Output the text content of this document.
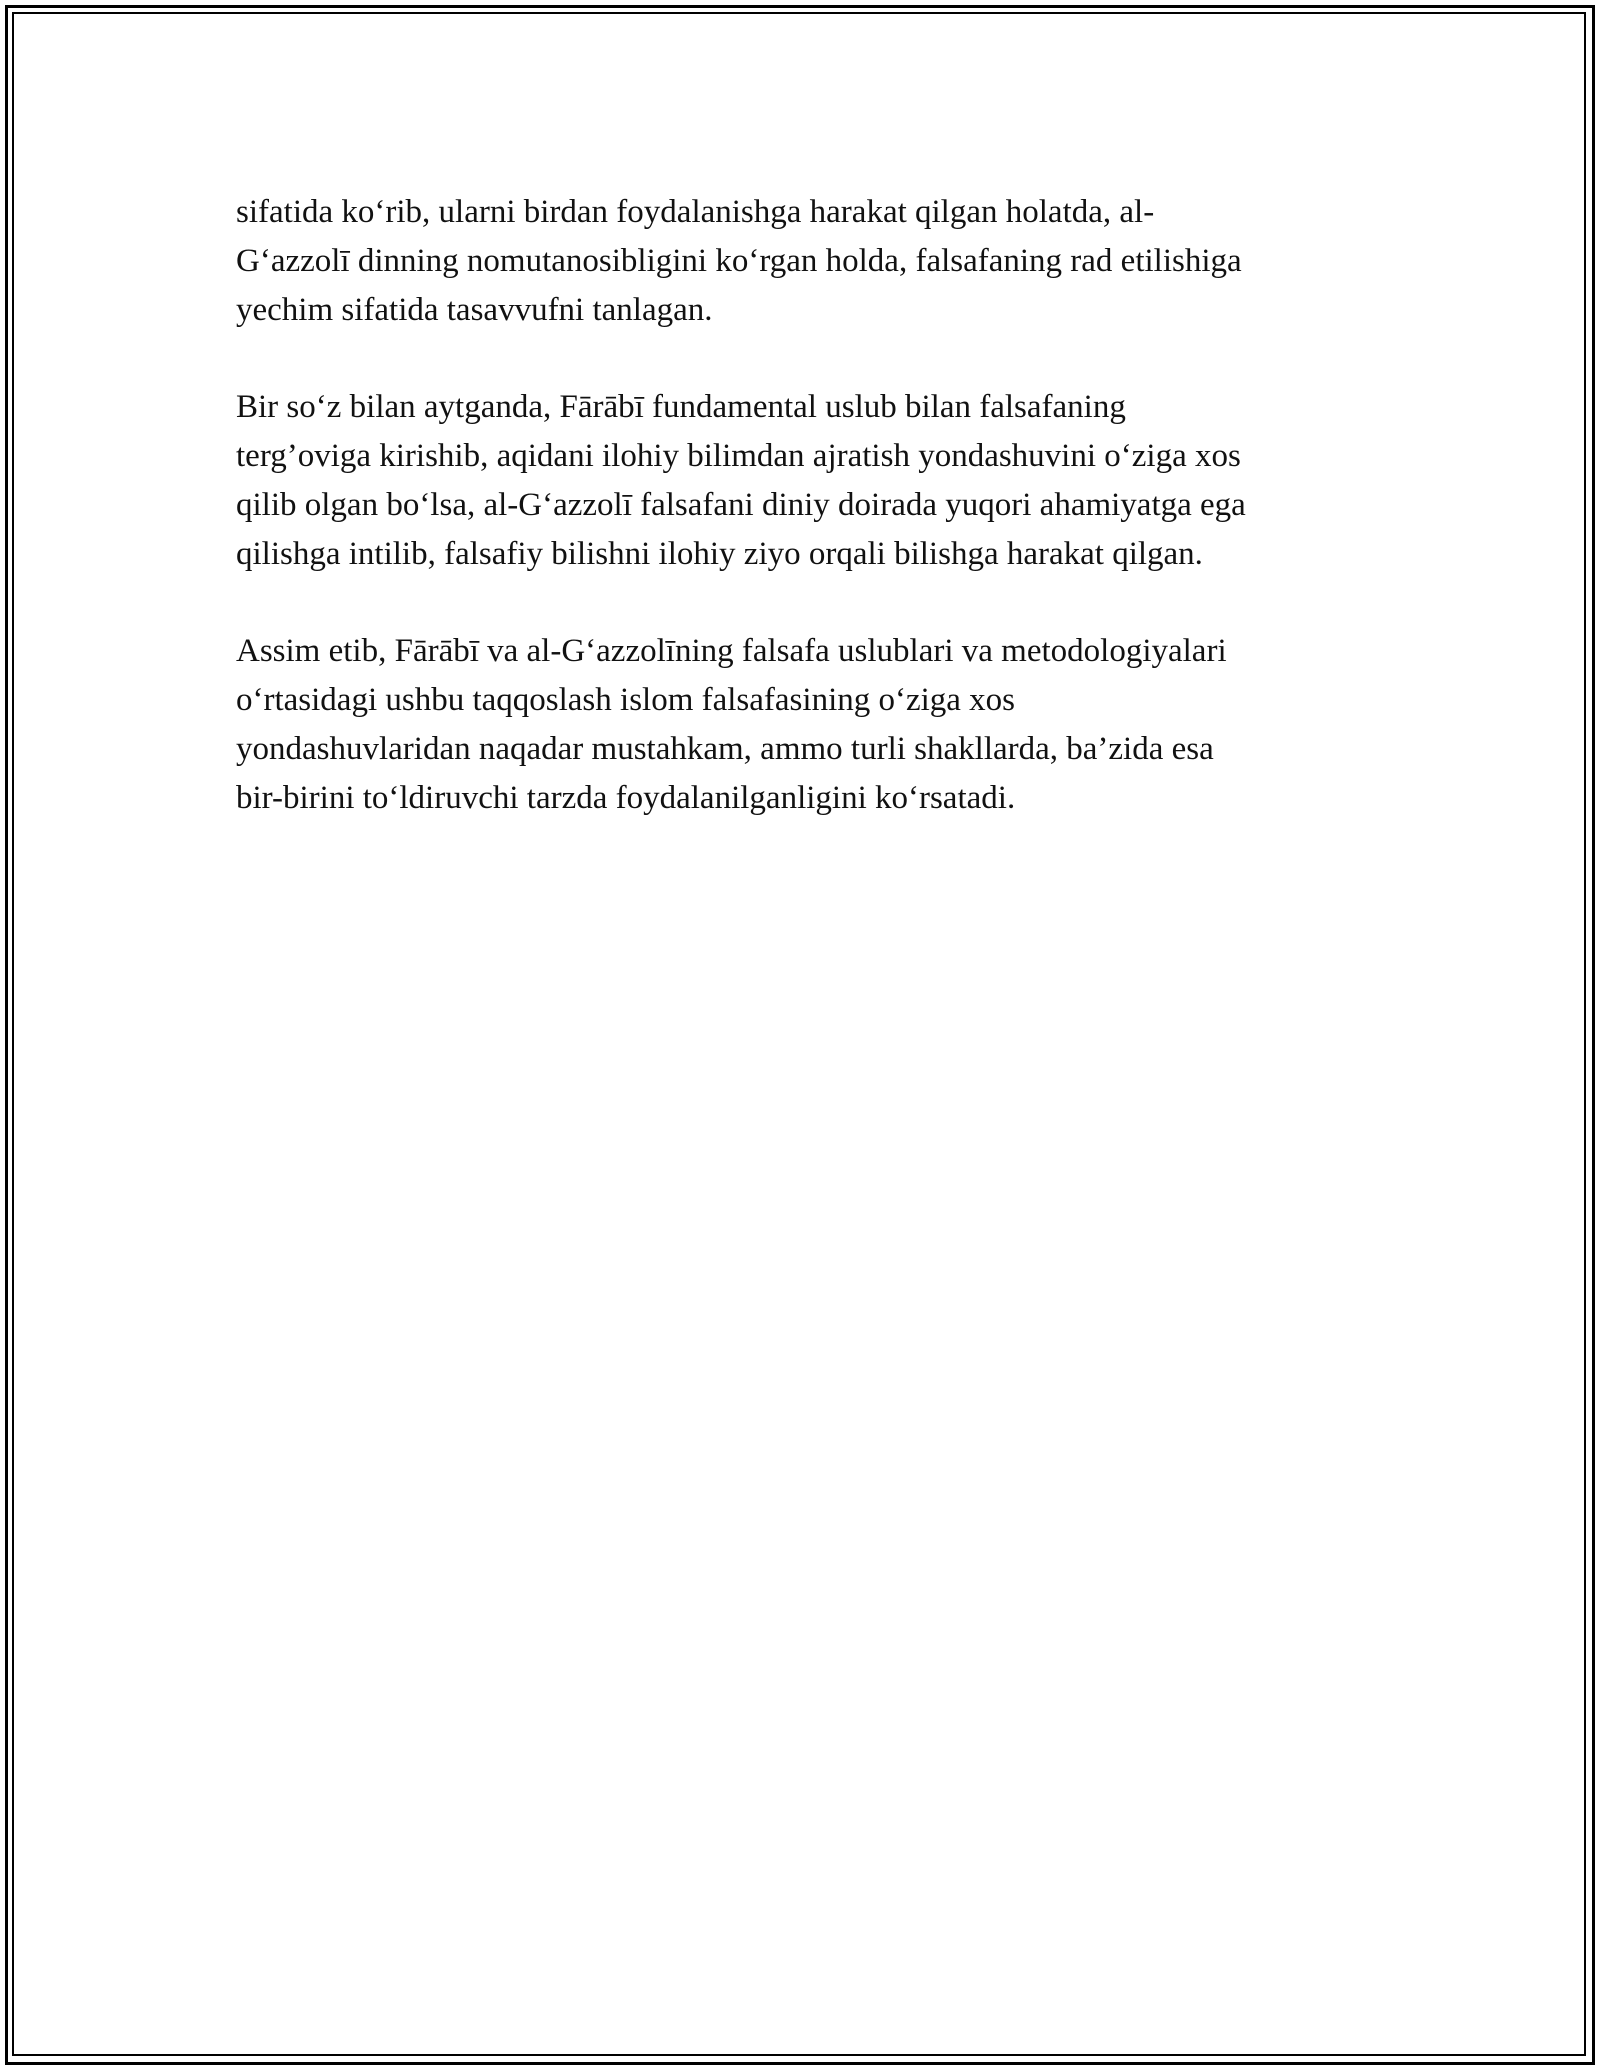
sifatida ko‘rib, ularni birdan foydalanishga harakat qilgan holatda, al-
G‘azzolī dinning nomutanosibligini ko‘rgan holda, falsafaning rad etilishiga
yechim sifatida tasavvufni tanlagan.

Bir so‘z bilan aytganda, Fārābī fundamental uslub bilan falsafaning
terg’oviga kirishib, aqidani ilohiy bilimdan ajratish yondashuvini o‘ziga xos
qilib olgan bo‘lsa, al-G‘azzolī falsafani diniy doirada yuqori ahamiyatga ega
qilishga intilib, falsafiy bilishni ilohiy ziyo orqali bilishga harakat qilgan.

Assim etib, Fārābī va al-G‘azzolīning falsafa uslublari va metodologiyalari
o‘rtasidagi ushbu taqqoslash islom falsafasining o‘ziga xos
yondashuvlaridan naqadar mustahkam, ammo turli shakllarda, ba’zida esa
bir-birini to‘ldiruvchi tarzda foydalanilganligini ko‘rsatadi.
